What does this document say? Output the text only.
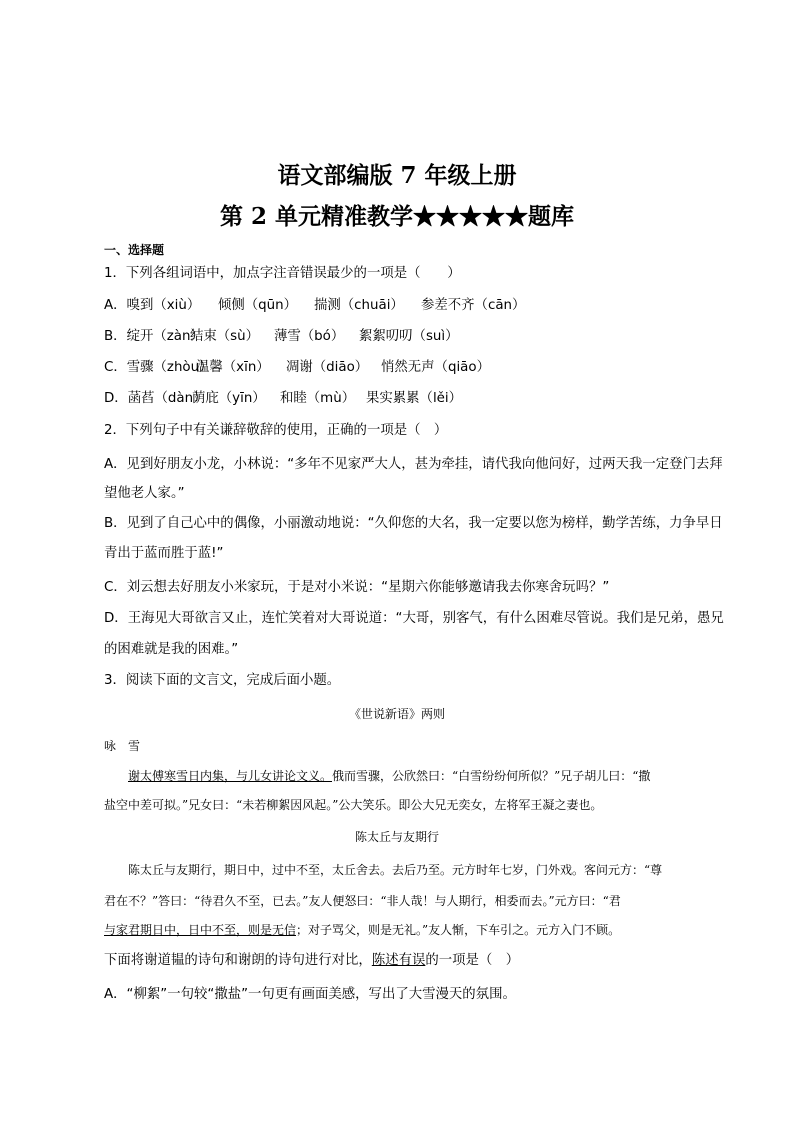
语文部编版 7 年级上册
第 2 单元精准教学★★★★★题库
一、选择题
1．下列各组词语中，加点字注音错误最少的一项是（　　）
A．嗅到（xiù） 倾侧（qūn） 揣测（chuāi） 参差不齐（cān）
B．绽开（zàn）结束（sù） 薄雪（bó） 絮絮叨叨（suì）
C．雪骤（zhòu）温馨（xīn） 凋谢（diāo） 悄然无声（qiāo）
D．菡萏（dàn）荫庇（yīn） 和睦（mù） 果实累累（lěi）
2．下列句子中有关谦辞敬辞的使用，正确的一项是（　）
A．见到好朋友小龙，小林说：“多年不见家严大人，甚为牵挂，请代我向他问好，过两天我一定登门去拜
望他老人家。”
B．见到了自己心中的偶像，小丽激动地说：“久仰您的大名，我一定要以您为榜样，勤学苦练，力争早日
青出于蓝而胜于蓝!”
C．刘云想去好朋友小米家玩，于是对小米说：“星期六你能够邀请我去你寒舍玩吗？”
D．王海见大哥欲言又止，连忙笑着对大哥说道：“大哥，别客气，有什么困难尽管说。我们是兄弟，愚兄
的困难就是我的困难。”
3．阅读下面的文言文，完成后面小题。
《世说新语》两则
咏　雪
谢太傅寒雪日内集，与儿女讲论文义。俄而雪骤，公欣然曰：“白雪纷纷何所似？”兄子胡儿曰：“撒
盐空中差可拟。”兄女曰：“未若柳絮因风起。”公大笑乐。即公大兄无奕女，左将军王凝之妻也。
陈太丘与友期行
陈太丘与友期行，期日中，过中不至，太丘舍去。去后乃至。元方时年七岁，门外戏。客问元方：“尊
君在不？”答曰：“待君久不至，已去。”友人便怒曰：“非人哉！与人期行，相委而去。”元方曰：“君
与家君期日中，日中不至，则是无信；对子骂父，则是无礼。”友人惭，下车引之。元方入门不顾。
下面将谢道韫的诗句和谢朗的诗句进行对比，陈述有误的一项是（　）
A．“柳絮”一句较“撒盐”一句更有画面美感，写出了大雪漫天的氛围。
